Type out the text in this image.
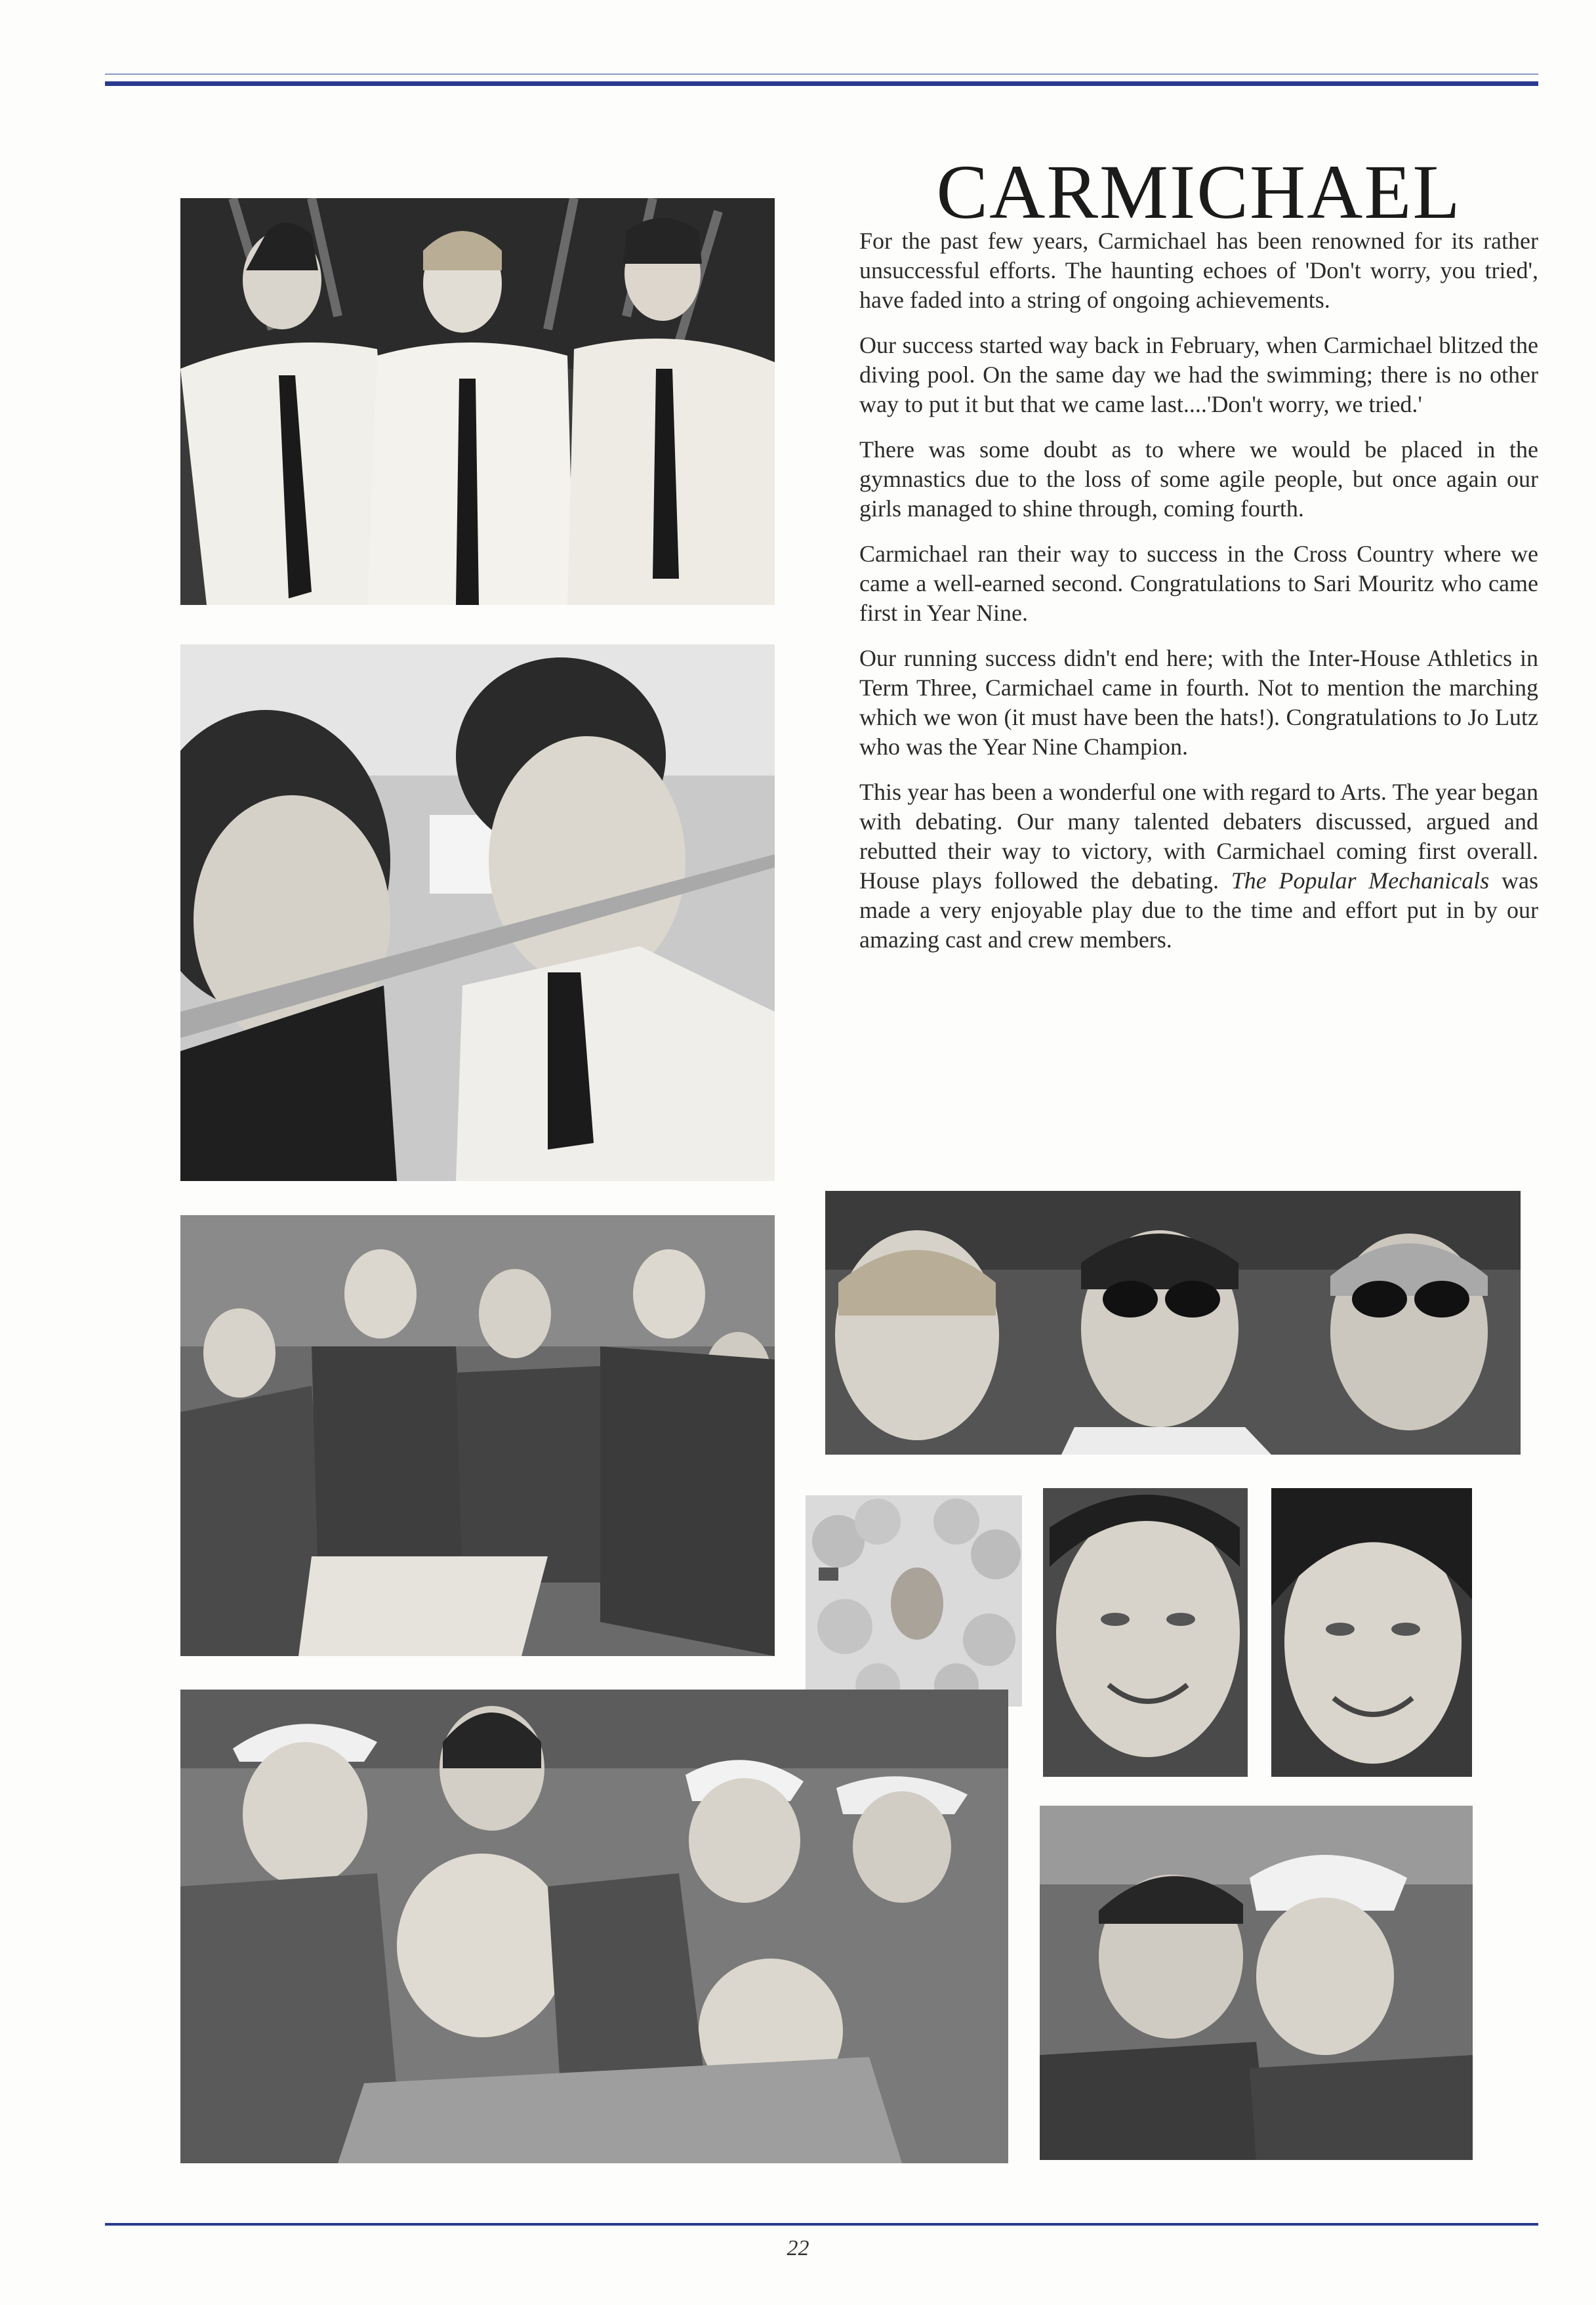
CARMICHAEL

For the past few years, Carmichael has been renowned for its rather unsuccessful efforts. The haunting echoes of 'Don't worry, you tried', have faded into a string of ongoing achievements.

Our success started way back in February, when Carmichael blitzed the diving pool. On the same day we had the swimming; there is no other way to put it but that we came last....'Don't worry, we tried.'

There was some doubt as to where we would be placed in the gymnastics due to the loss of some agile people, but once again our girls managed to shine through, coming fourth.

Carmichael ran their way to success in the Cross Country where we came a well-earned second. Congratulations to Sari Mouritz who came first in Year Nine.

Our running success didn't end here; with the Inter-House Athletics in Term Three, Carmichael came in fourth. Not to mention the marching which we won (it must have been the hats!). Congratulations to Jo Lutz who was the Year Nine Champion.

This year has been a wonderful one with regard to Arts. The year began with debating. Our many talented debaters discussed, argued and rebutted their way to victory, with Carmichael coming first overall. House plays followed the debating. The Popular Mechanicals was made a very enjoyable play due to the time and effort put in by our amazing cast and crew members.

22
